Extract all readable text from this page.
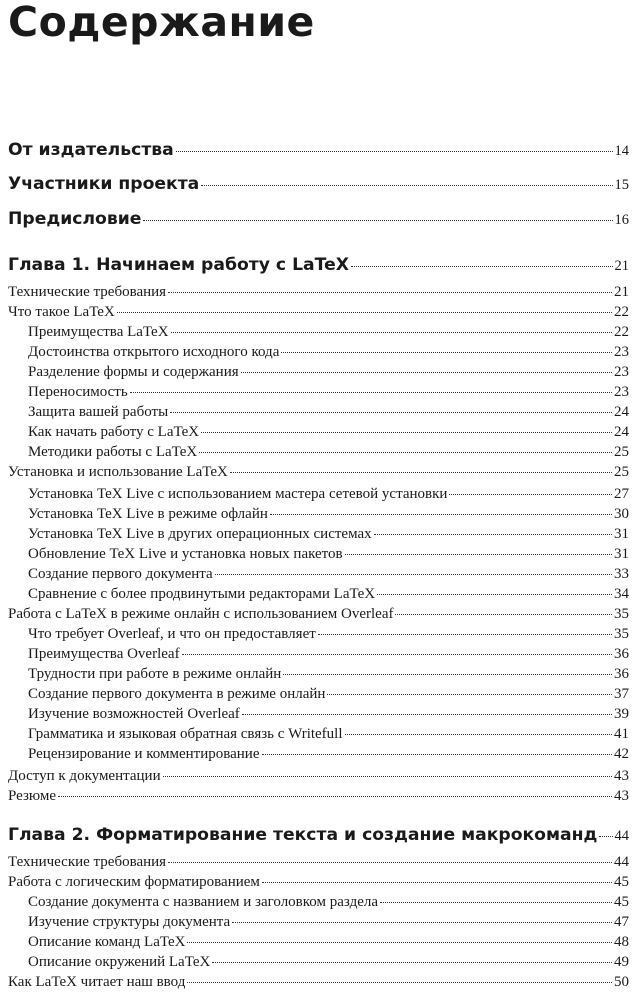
Содержание
От издательства	14
Участники проекта	15
Предисловие	16
Глава 1. Начинаем работу с LaTeX	21
Технические требования	21
Что такое LaTeX	22
Преимущества LaTeX	22
Достоинства открытого исходного кода	23
Разделение формы и содержания	23
Переносимость	23
Защита вашей работы	24
Как начать работу с LaTeX	24
Методики работы с LaTeX	25
Установка и использование LaTeX	25
Установка TeX Live с использованием мастера сетевой установки	27
Установка TeX Live в режиме офлайн	30
Установка TeX Live в других операционных системах	31
Обновление TeX Live и установка новых пакетов	31
Создание первого документа	33
Сравнение с более продвинутыми редакторами LaTeX	34
Работа с LaTeX в режиме онлайн с использованием Overleaf	35
Что требует Overleaf, и что он предоставляет	35
Преимущества Overleaf	36
Трудности при работе в режиме онлайн	36
Создание первого документа в режиме онлайн	37
Изучение возможностей Overleaf	39
Грамматика и языковая обратная связь с Writefull	41
Рецензирование и комментирование	42
Доступ к документации	43
Резюме	43
Глава 2. Форматирование текста и создание макрокоманд 44
Технические требования	44
Работа с логическим форматированием	45
Создание документа с названием и заголовком раздела	45
Изучение структуры документа	47
Описание команд LaTeX	48
Описание окружений LaTeX	49
Как LaTeX читает наш ввод	50
